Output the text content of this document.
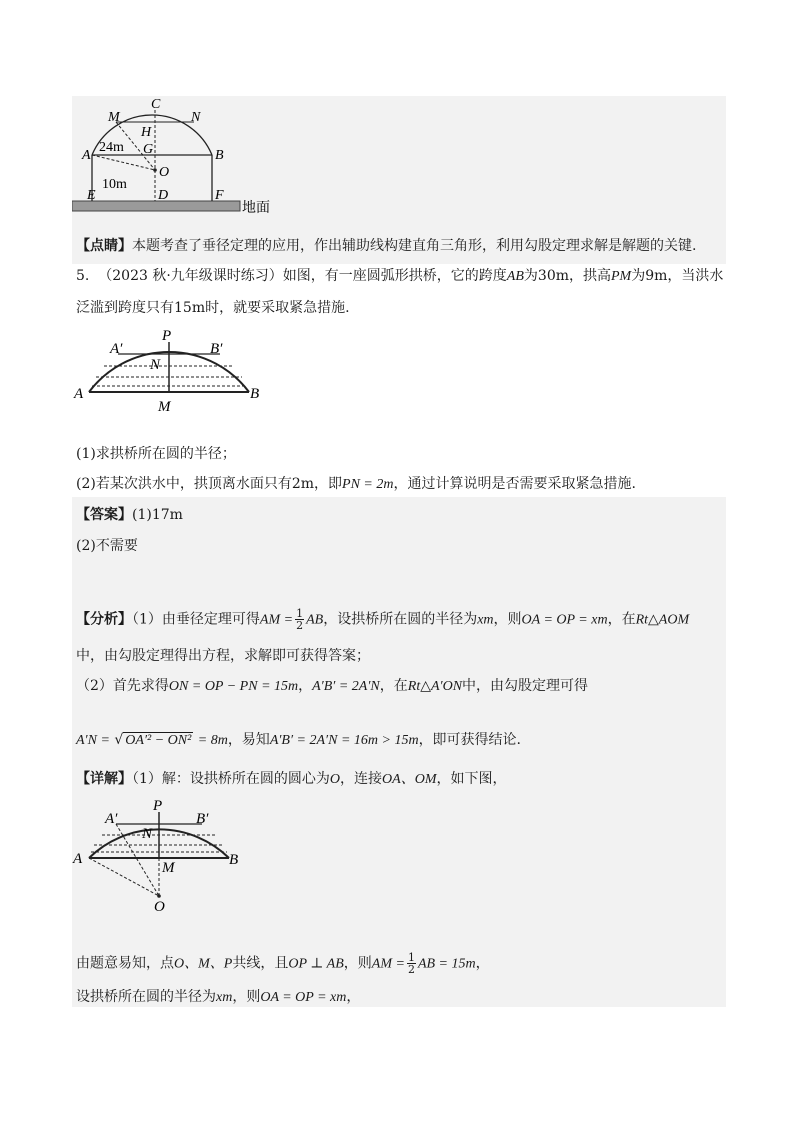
M
C
N
H
A	G	B
O
E	D	F
24m
10m
地面
【点睛】本题考查了垂径定理的应用，作出辅助线构建直角三角形，利用勾股定理求解是解题的关键.
5. （2023 秋·九年级课时练习）如图，有一座圆弧形拱桥，它的跨度AB为30m，拱高PM为9m，当洪水
泛滥到跨度只有15m时，就要采取紧急措施.
P
A′	B′
N
A	B
M
(1)求拱桥所在圆的半径；
(2)若某次洪水中，拱顶离水面只有2m，即PN = 2m，通过计算说明是否需要采取紧急措施.
【答案】(1)17m
(2)不需要
【分析】（1）由垂径定理可得AM = $\frac{1}{2}$ AB，设拱桥所在圆的半径为xm，则OA = OP = xm，在Rt△AOM
中，由勾股定理得出方程，求解即可获得答案；
（2）首先求得ON = OP − PN = 15m，A′B′ = 2A′N，在Rt△A′ON中，由勾股定理可得
A′N = √ OA′² − ON² = 8m，易知A′B′ = 2A′N = 16m > 15m，即可获得结论.
【详解】（1）解：设拱桥所在圆的圆心为O，连接OA、OM，如下图，
P
A′	B′
N
A	B
M
O
由题意易知，点O、M、P共线，且OP ⊥ AB，则AM = $\frac{1}{2}$ AB = 15m，
设拱桥所在圆的半径为xm，则OA = OP = xm，
